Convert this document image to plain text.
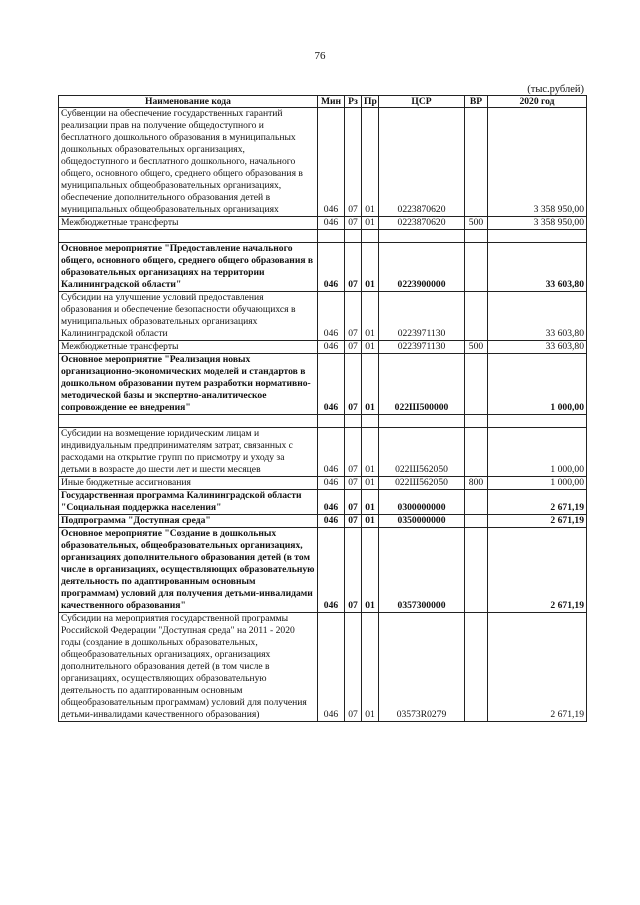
76
(тыс.рублей)
Наименование кода	Мин	Рз	Пр	ЦСР	ВР	2020 год
Субвенции на обеспечение государственных гарантий реализации прав на получение общедоступного и бесплатного дошкольного образования в муниципальных дошкольных образовательных организациях, общедоступного и бесплатного дошкольного, начального общего, основного общего, среднего общего образования в муниципальных общеобразовательных организациях, обеспечение дополнительного образования детей в муниципальных общеобразовательных организациях	046	07	01	0223870620		3 358 950,00
Межбюджетные трансферты	046	07	01	0223870620	500	3 358 950,00

Основное мероприятие "Предоставление начального общего, основного общего, среднего общего образования в образовательных организациях на территории Калининградской области"	046	07	01	0223900000		33 603,80
Субсидии на улучшение условий предоставления образования и обеспечение безопасности обучающихся в муниципальных образовательных организациях Калининградской области	046	07	01	0223971130		33 603,80
Межбюджетные трансферты	046	07	01	0223971130	500	33 603,80
Основное мероприятие "Реализация новых организационно-экономических моделей и стандартов в дошкольном образовании путем разработки нормативно-методической базы и экспертно-аналитическое сопровождение ее внедрения"	046	07	01	022Ш500000		1 000,00

Субсидии на возмещение юридическим лицам и индивидуальным предпринимателям затрат, связанных с расходами на открытие групп по присмотру и уходу за детьми в возрасте до шести лет и шести месяцев	046	07	01	022Ш562050		1 000,00
Иные бюджетные ассигнования	046	07	01	022Ш562050	800	1 000,00
Государственная программа Калининградской области "Социальная поддержка населения"	046	07	01	0300000000		2 671,19
Подпрограмма "Доступная среда"	046	07	01	0350000000		2 671,19
Основное мероприятие "Создание в дошкольных образовательных, общеобразовательных организациях, организациях дополнительного образования детей (в том числе в организациях, осуществляющих образовательную деятельность по адаптированным основным программам) условий для получения детьми-инвалидами качественного образования"	046	07	01	0357300000		2 671,19
Субсидии на мероприятия государственной программы Российской Федерации "Доступная среда" на 2011 - 2020 годы (создание в дошкольных образовательных, общеобразовательных организациях, организациях дополнительного образования детей (в том числе в организациях, осуществляющих образовательную деятельность по адаптированным основным общеобразовательным программам) условий для получения детьми-инвалидами качественного образования)	046	07	01	03573R0279		2 671,19
